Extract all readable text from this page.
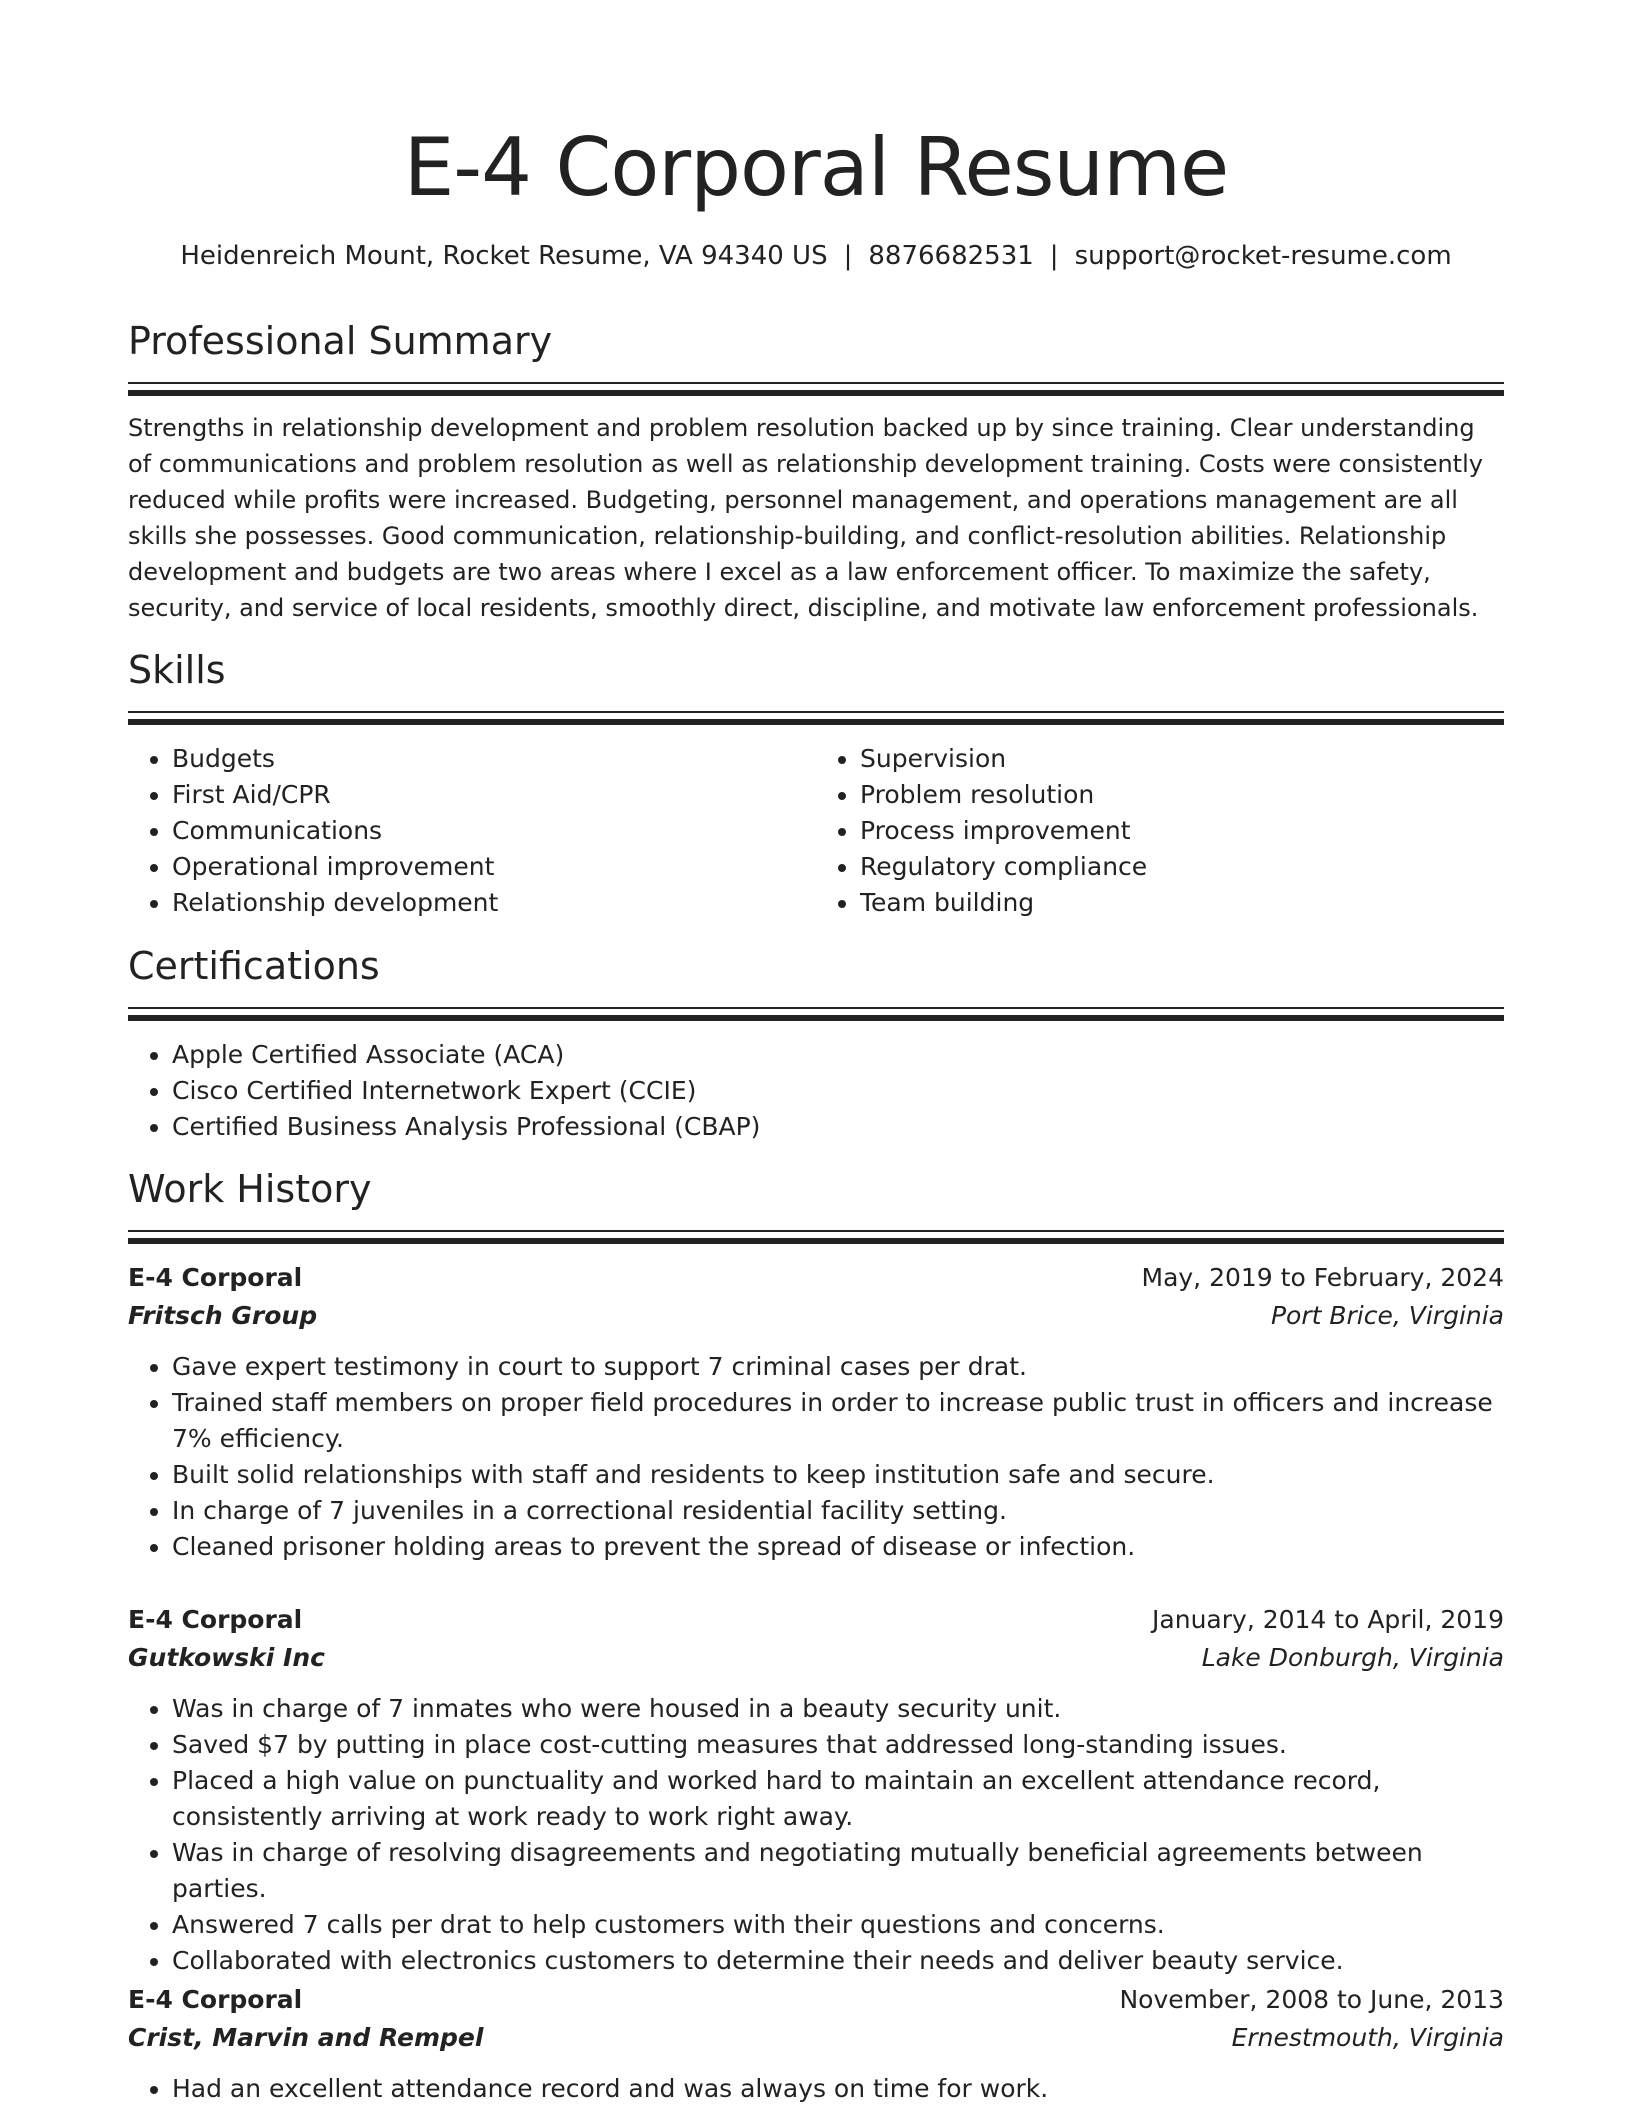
E-4 Corporal Resume
Heidenreich Mount, Rocket Resume, VA 94340 US | 8876682531 | support@rocket-resume.com
Professional Summary

Strengths in relationship development and problem resolution backed up by since training. Clear understanding of communications and problem resolution as well as relationship development training. Costs were consistently reduced while profits were increased. Budgeting, personnel management, and operations management are all skills she possesses. Good communication, relationship-building, and conflict-resolution abilities. Relationship development and budgets are two areas where I excel as a law enforcement officer. To maximize the safety, security, and service of local residents, smoothly direct, discipline, and motivate law enforcement professionals.

Skills
• Budgets
• First Aid/CPR
• Communications
• Operational improvement
• Relationship development
• Supervision
• Problem resolution
• Process improvement
• Regulatory compliance
• Team building
Certifications
• Apple Certified Associate (ACA)
• Cisco Certified Internetwork Expert (CCIE)
• Certified Business Analysis Professional (CBAP)
Work History
E-4 Corporal	May, 2019 to February, 2024
Fritsch Group	Port Brice, Virginia
• Gave expert testimony in court to support 7 criminal cases per drat.
• Trained staff members on proper field procedures in order to increase public trust in officers and increase 7% efficiency.
• Built solid relationships with staff and residents to keep institution safe and secure.
• In charge of 7 juveniles in a correctional residential facility setting.
• Cleaned prisoner holding areas to prevent the spread of disease or infection.
E-4 Corporal	January, 2014 to April, 2019
Gutkowski Inc	Lake Donburgh, Virginia
• Was in charge of 7 inmates who were housed in a beauty security unit.
• Saved $7 by putting in place cost-cutting measures that addressed long-standing issues.
• Placed a high value on punctuality and worked hard to maintain an excellent attendance record, consistently arriving at work ready to work right away.
• Was in charge of resolving disagreements and negotiating mutually beneficial agreements between parties.
• Answered 7 calls per drat to help customers with their questions and concerns.
• Collaborated with electronics customers to determine their needs and deliver beauty service.
E-4 Corporal	November, 2008 to June, 2013
Crist, Marvin and Rempel	Ernestmouth, Virginia
• Had an excellent attendance record and was always on time for work.
